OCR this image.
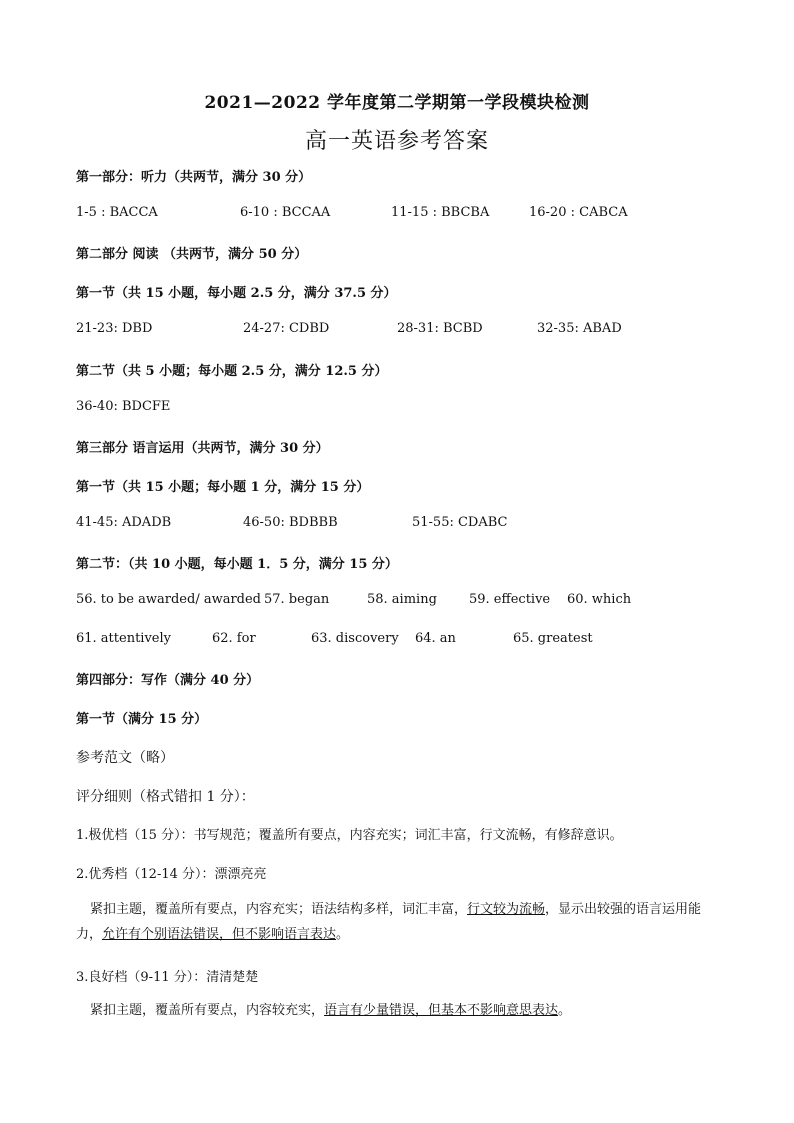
2021—2022 学年度第二学期第一学段模块检测
高一英语参考答案
第一部分：听力（共两节，满分 30 分）
1-5 : BACCA	6-10 : BCCAA	11-15 : BBCBA	16-20 : CABCA
第二部分 阅读 （共两节，满分 50 分）
第一节（共 15 小题，每小题 2.5 分，满分 37.5 分）
21-23: DBD	24-27: CDBD	28-31: BCBD	32-35: ABAD
第二节（共 5 小题；每小题 2.5 分，满分 12.5 分）
36-40: BDCFE
第三部分 语言运用（共两节，满分 30 分）
第一节（共 15 小题；每小题 1 分，满分 15 分）
41-45: ADADB	46-50: BDBBB	51-55: CDABC
第二节：（共 10 小题，每小题 1．5 分，满分 15 分）
56. to be awarded/ awarded 57. began	58. aiming 59. effective 60. which
61. attentively	62. for	63. discovery 64. an	65. greatest
第四部分：写作（满分 40 分）
第一节（满分 15 分）
参考范文（略）
评分细则（格式错扣 1 分）：
1.极优档（15 分）：书写规范；覆盖所有要点，内容充实；词汇丰富，行文流畅，有修辞意识。
2.优秀档（12-14 分）：漂漂亮亮
紧扣主题，覆盖所有要点，内容充实；语法结构多样，词汇丰富，行文较为流畅，显示出较强的语言运用能力，允许有个别语法错误，但不影响语言表达。
3.良好档（9-11 分）：清清楚楚
紧扣主题，覆盖所有要点，内容较充实，语言有少量错误，但基本不影响意思表达。
